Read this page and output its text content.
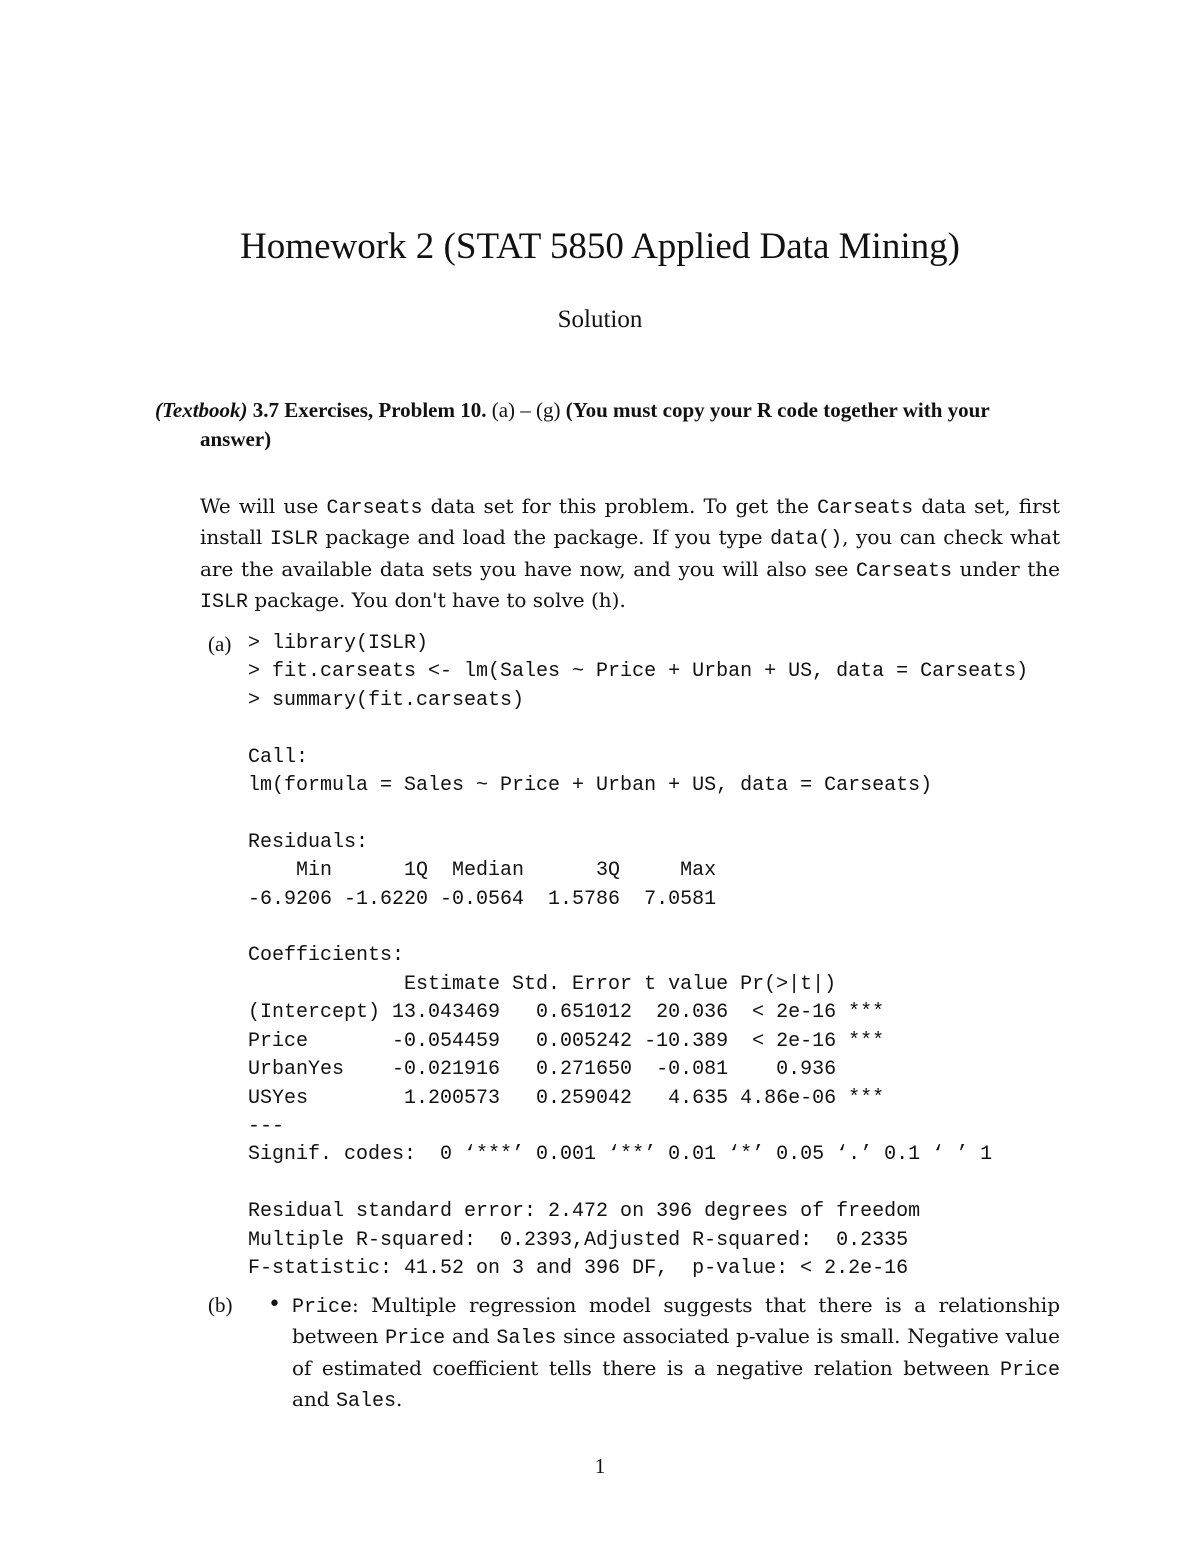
Homework 2 (STAT 5850 Applied Data Mining)
Solution
(Textbook) 3.7 Exercises, Problem 10. (a) – (g) (You must copy your R code together with your answer)
We will use Carseats data set for this problem. To get the Carseats data set, first install ISLR package and load the package. If you type data(), you can check what are the available data sets you have now, and you will also see Carseats under the ISLR package. You don't have to solve (h).
(a) > library(ISLR)
> fit.carseats <- lm(Sales ~ Price + Urban + US, data = Carseats)
> summary(fit.carseats)

Call:
lm(formula = Sales ~ Price + Urban + US, data = Carseats)

Residuals:
Min      1Q  Median      3Q     Max
-6.9206 -1.6220 -0.0564  1.5786  7.0581

Coefficients:
Estimate Std. Error t value Pr(>|t|)
(Intercept) 13.043469   0.651012  20.036  < 2e-16 ***
Price       -0.054459   0.005242 -10.389  < 2e-16 ***
UrbanYes    -0.021916   0.271650  -0.081    0.936
USYes        1.200573   0.259042   4.635 4.86e-06 ***
---
Signif. codes:  0 ‘***’ 0.001 ‘**’ 0.01 ‘*’ 0.05 ‘.’ 0.1 ‘ ’ 1

Residual standard error: 2.472 on 396 degrees of freedom
Multiple R-squared:  0.2393,Adjusted R-squared:  0.2335
F-statistic: 41.52 on 3 and 396 DF,  p-value: < 2.2e-16
(b) • Price: Multiple regression model suggests that there is a relationship between Price and Sales since associated p-value is small. Negative value of estimated coefficient tells there is a negative relation between Price and Sales.
1
